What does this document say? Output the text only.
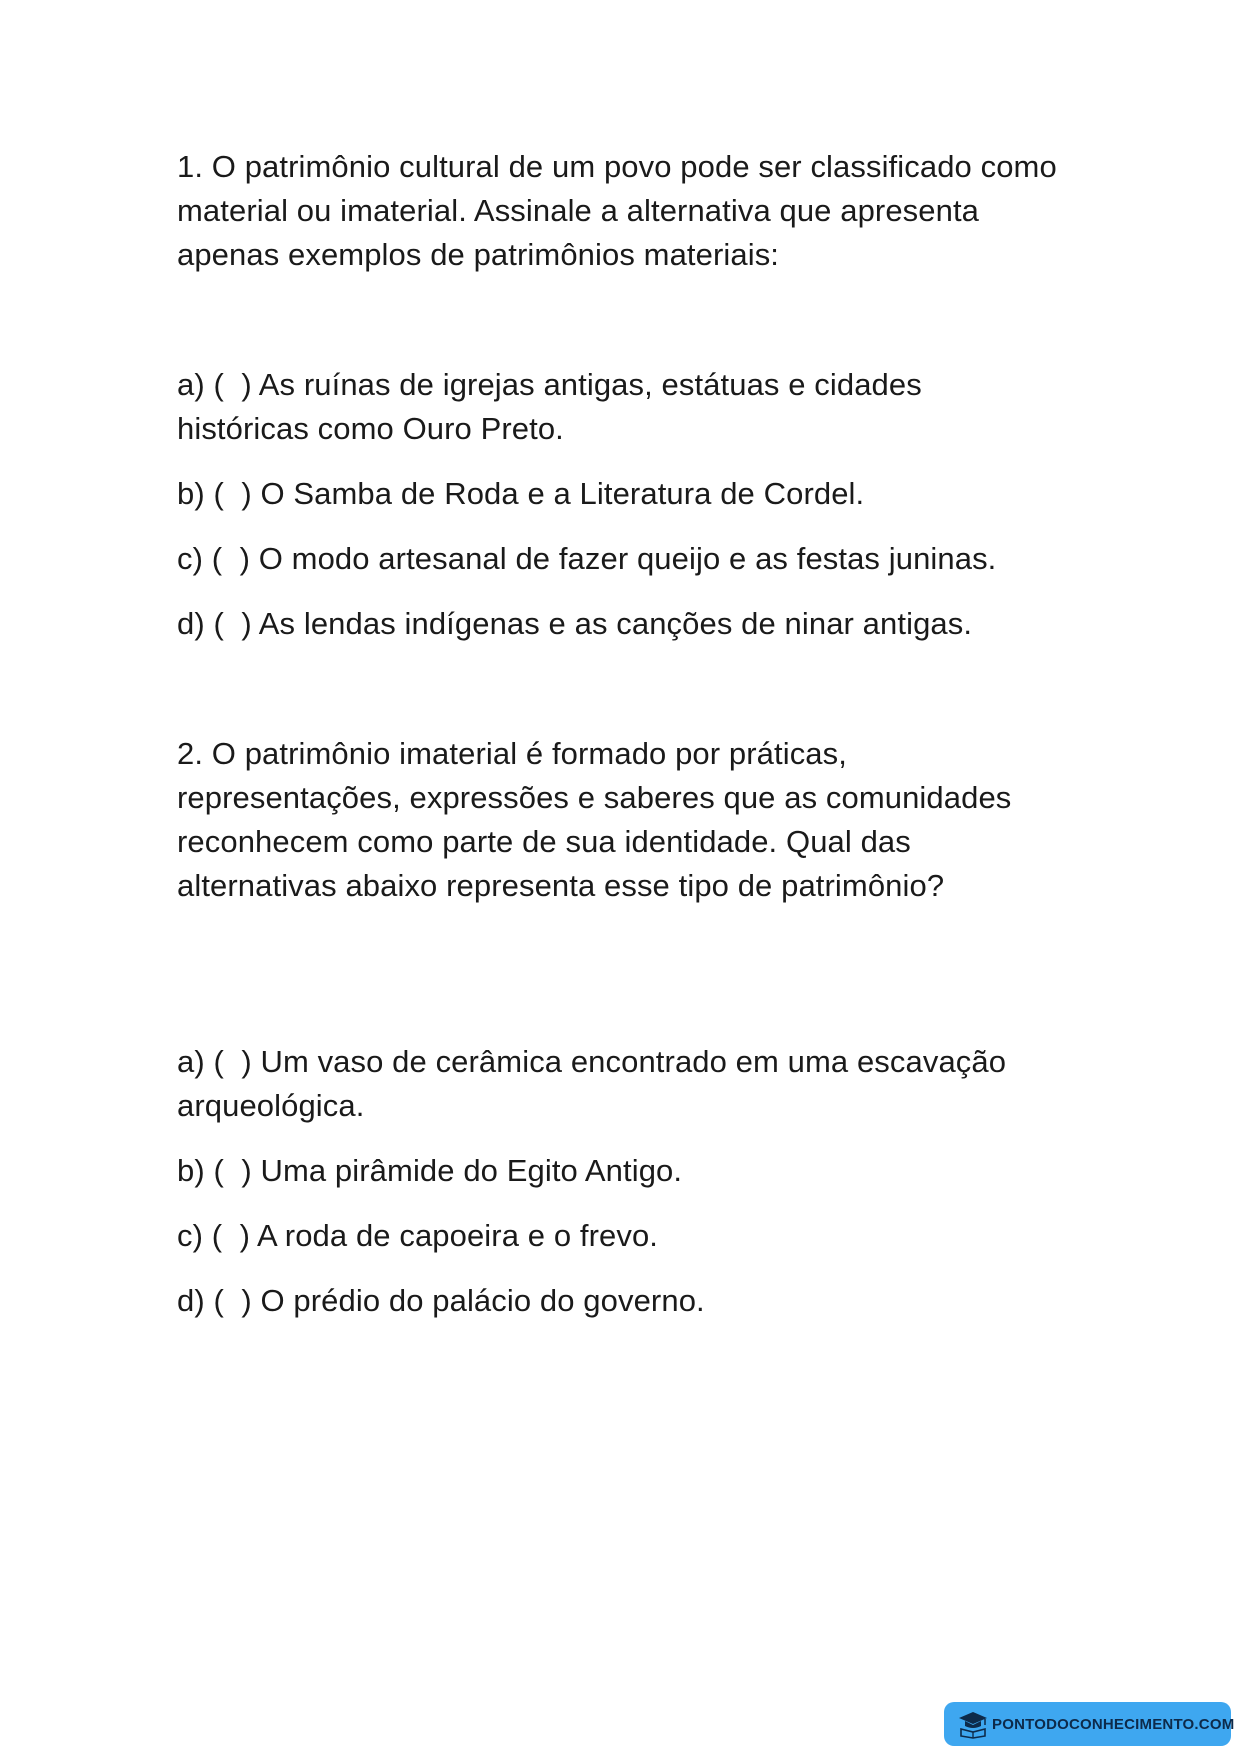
1. O patrimônio cultural de um povo pode ser classificado como material ou imaterial. Assinale a alternativa que apresenta apenas exemplos de patrimônios materiais:
a) (  ) As ruínas de igrejas antigas, estátuas e cidades históricas como Ouro Preto.
b) (  ) O Samba de Roda e a Literatura de Cordel.
c) (  ) O modo artesanal de fazer queijo e as festas juninas.
d) (  ) As lendas indígenas e as canções de ninar antigas.
2. O patrimônio imaterial é formado por práticas, representações, expressões e saberes que as comunidades reconhecem como parte de sua identidade. Qual das alternativas abaixo representa esse tipo de patrimônio?
a) (  ) Um vaso de cerâmica encontrado em uma escavação arqueológica.
b) (  ) Uma pirâmide do Egito Antigo.
c) (  ) A roda de capoeira e o frevo.
d) (  ) O prédio do palácio do governo.
PONTODOCONHECIMENTO.COM
